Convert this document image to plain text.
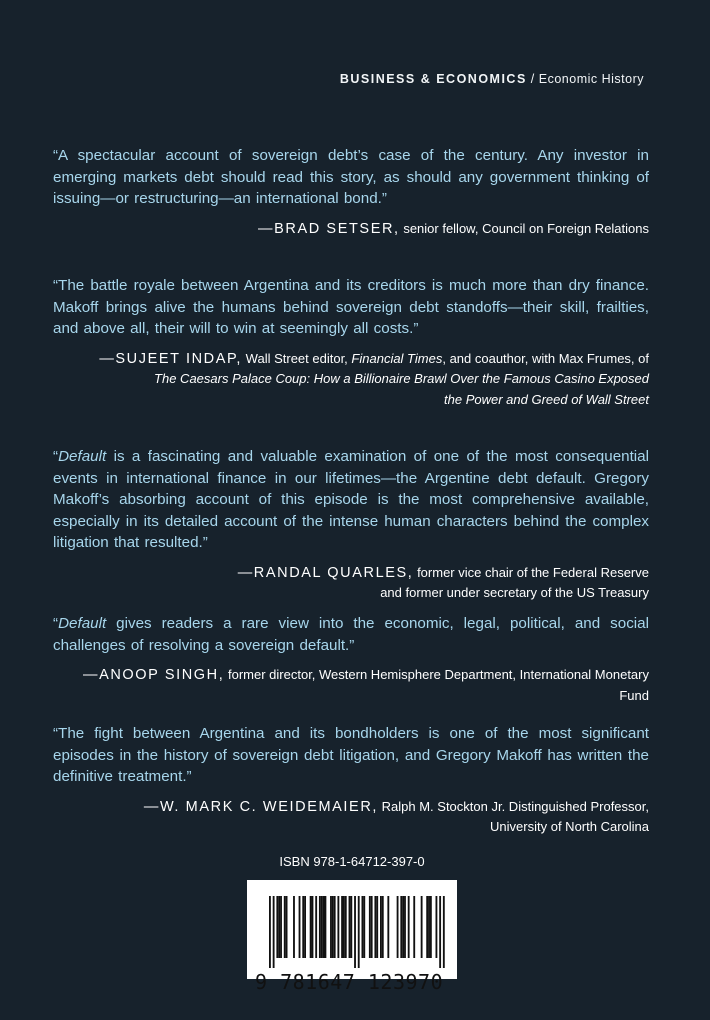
BUSINESS & ECONOMICS / Economic History

“A spectacular account of sovereign debt’s case of the century. Any investor in emerging markets debt should read this story, as should any government thinking of issuing—or restructuring—an international bond.”

—BRAD SETSER, senior fellow, Council on Foreign Relations

“The battle royale between Argentina and its creditors is much more than dry finance. Makoff brings alive the humans behind sovereign debt standoffs—their skill, frailties, and above all, their will to win at seemingly all costs.”

—SUJEET INDAP, Wall Street editor, Financial Times, and coauthor, with Max Frumes, of
The Caesars Palace Coup: How a Billionaire Brawl Over the Famous Casino Exposed
the Power and Greed of Wall Street

“Default is a fascinating and valuable examination of one of the most consequential events in international finance in our lifetimes—the Argentine debt default. Gregory Makoff’s absorbing account of this episode is the most comprehensive available, especially in its detailed account of the intense human characters behind the complex litigation that resulted.”

—RANDAL QUARLES, former vice chair of the Federal Reserve
and former under secretary of the US Treasury

“Default gives readers a rare view into the economic, legal, political, and social challenges of resolving a sovereign default.”

—ANOOP SINGH, former director, Western Hemisphere Department, International Monetary Fund

“The fight between Argentina and its bondholders is one of the most significant episodes in the history of sovereign debt litigation, and Gregory Makoff has written the definitive treatment.”

—W. MARK C. WEIDEMAIER, Ralph M. Stockton Jr. Distinguished Professor,
University of North Carolina
ISBN 978-1-64712-397-0
9 781647 123970
